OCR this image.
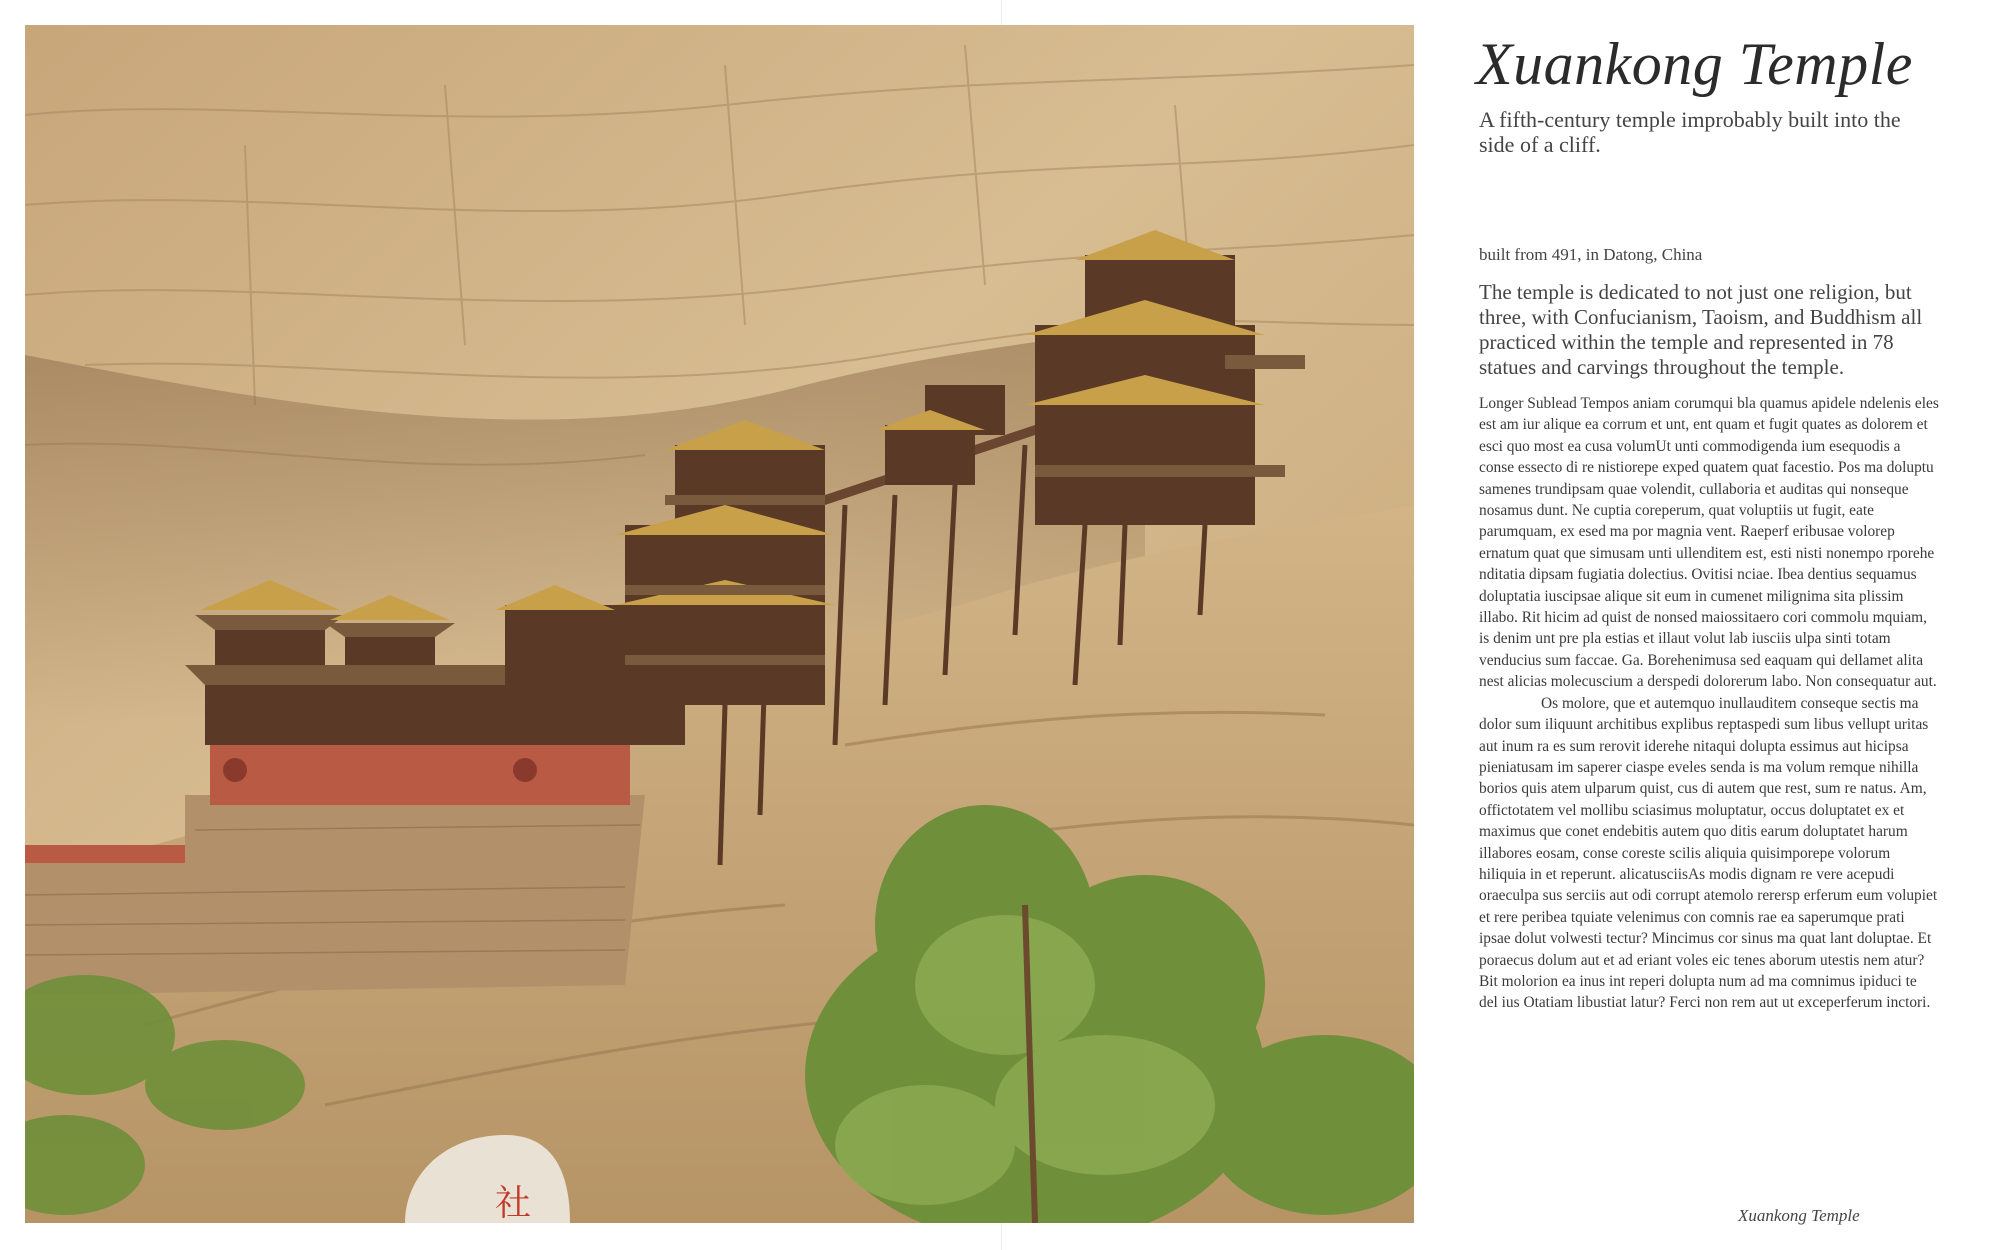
社
Xuankong Temple
A fifth-century temple improbably built into the side of a cliff.
built from 491, in Datong, China
The temple is dedicated to not just one religion, but three, with Confucianism, Taoism, and Buddhism all practiced within the temple and represented in 78 statues and carvings throughout the temple.

Longer Sublead Tempos aniam corumqui bla quamus apidele ndelenis eles est am iur alique ea corrum et unt, ent quam et fugit quates as dolorem et esci quo most ea cusa volumUt unti commodigenda ium esequodis a conse essecto di re nistiorepe exped quatem quat facestio. Pos ma doluptu samenes trundipsam quae volendit, cullaboria et auditas qui nonseque nosamus dunt. Ne cuptia coreperum, quat voluptiis ut fugit, eate parumquam, ex esed ma por magnia vent. Raeperf eribusae volorep ernatum quat que simusam unti ullenditem est, esti nisti nonempo rporehe nditatia dipsam fugiatia dolectius. Ovitisi nciae. Ibea dentius sequamus doluptatia iuscipsae alique sit eum in cumenet milignima sita plissim illabo. Rit hicim ad quist de nonsed maiossitaero cori commolu mquiam, is denim unt pre pla estias et illaut volut lab iusciis ulpa sinti totam venducius sum faccae. Ga. Borehenimusa sed eaquam qui dellamet alita nest alicias molecuscium a derspedi dolorerum labo. Non consequatur aut.

Os molore, que et autemquo inullauditem conseque sectis ma dolor sum iliquunt architibus explibus reptaspedi sum libus vellupt uritas aut inum ra es sum rerovit iderehe nitaqui dolupta essimus aut hicipsa pieniatusam im saperer ciaspe eveles senda is ma volum remque nihilla borios quis atem ulparum quist, cus di autem que rest, sum re natus. Am, offictotatem vel mollibu sciasimus moluptatur, occus doluptatet ex et maximus que conet endebitis autem quo ditis earum doluptatet harum illabores eosam, conse coreste scilis aliquia quisimporepe volorum hiliquia in et reperunt. alicatusciisAs modis dignam re vere acepudi oraeculpa sus serciis aut odi corrupt atemolo rerersp erferum eum volupiet et rere peribea tquiate velenimus con comnis rae ea saperumque prati ipsae dolut volwesti tectur? Mincimus cor sinus ma quat lant doluptae. Et poraecus dolum aut et ad eriant voles eic tenes aborum utestis nem atur? Bit molorion ea inus int reperi dolupta num ad ma comnimus ipiduci te del ius Otatiam libustiat latur? Ferci non rem aut ut exceperferum inctori.

Xuankong Temple
